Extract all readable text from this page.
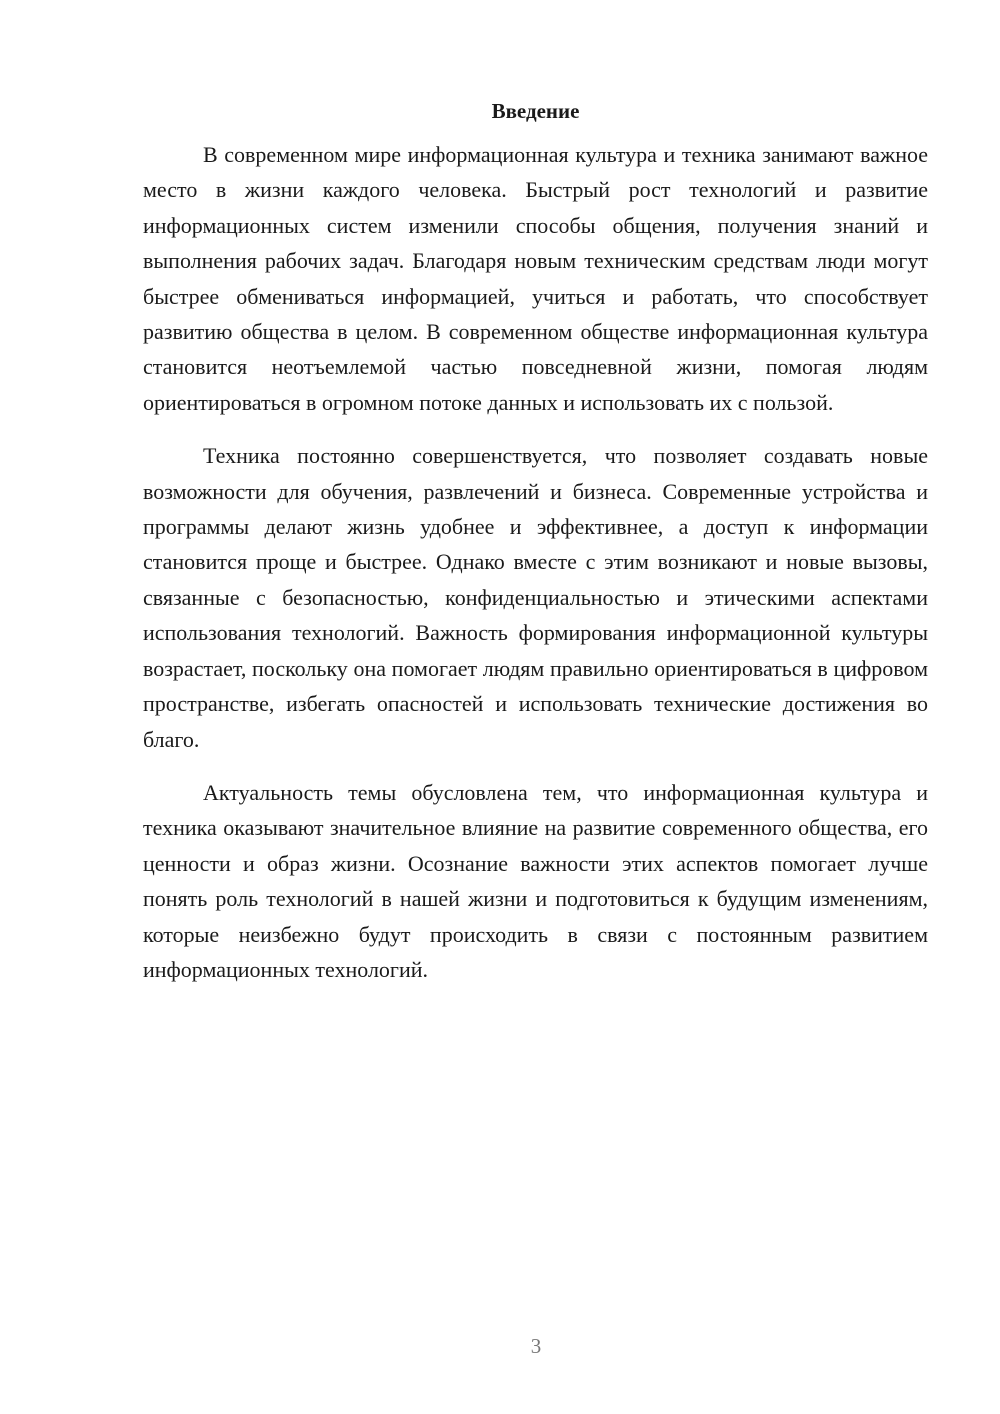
Введение

В современном мире информационная культура и техника занимают важное место в жизни каждого человека. Быстрый рост технологий и развитие информационных систем изменили способы общения, получения знаний и выполнения рабочих задач. Благодаря новым техническим средствам люди могут быстрее обмениваться информацией, учиться и работать, что способствует развитию общества в целом. В современном обществе информационная культура становится неотъемлемой частью повседневной жизни, помогая людям ориентироваться в огромном потоке данных и использовать их с пользой.

Техника постоянно совершенствуется, что позволяет создавать новые возможности для обучения, развлечений и бизнеса. Современные устройства и программы делают жизнь удобнее и эффективнее, а доступ к информации становится проще и быстрее. Однако вместе с этим возникают и новые вызовы, связанные с безопасностью, конфиденциальностью и этическими аспектами использования технологий. Важность формирования информационной культуры возрастает, поскольку она помогает людям правильно ориентироваться в цифровом пространстве, избегать опасностей и использовать технические достижения во благо.

Актуальность темы обусловлена тем, что информационная культура и техника оказывают значительное влияние на развитие современного общества, его ценности и образ жизни. Осознание важности этих аспектов помогает лучше понять роль технологий в нашей жизни и подготовиться к будущим изменениям, которые неизбежно будут происходить в связи с постоянным развитием информационных технологий.

3
